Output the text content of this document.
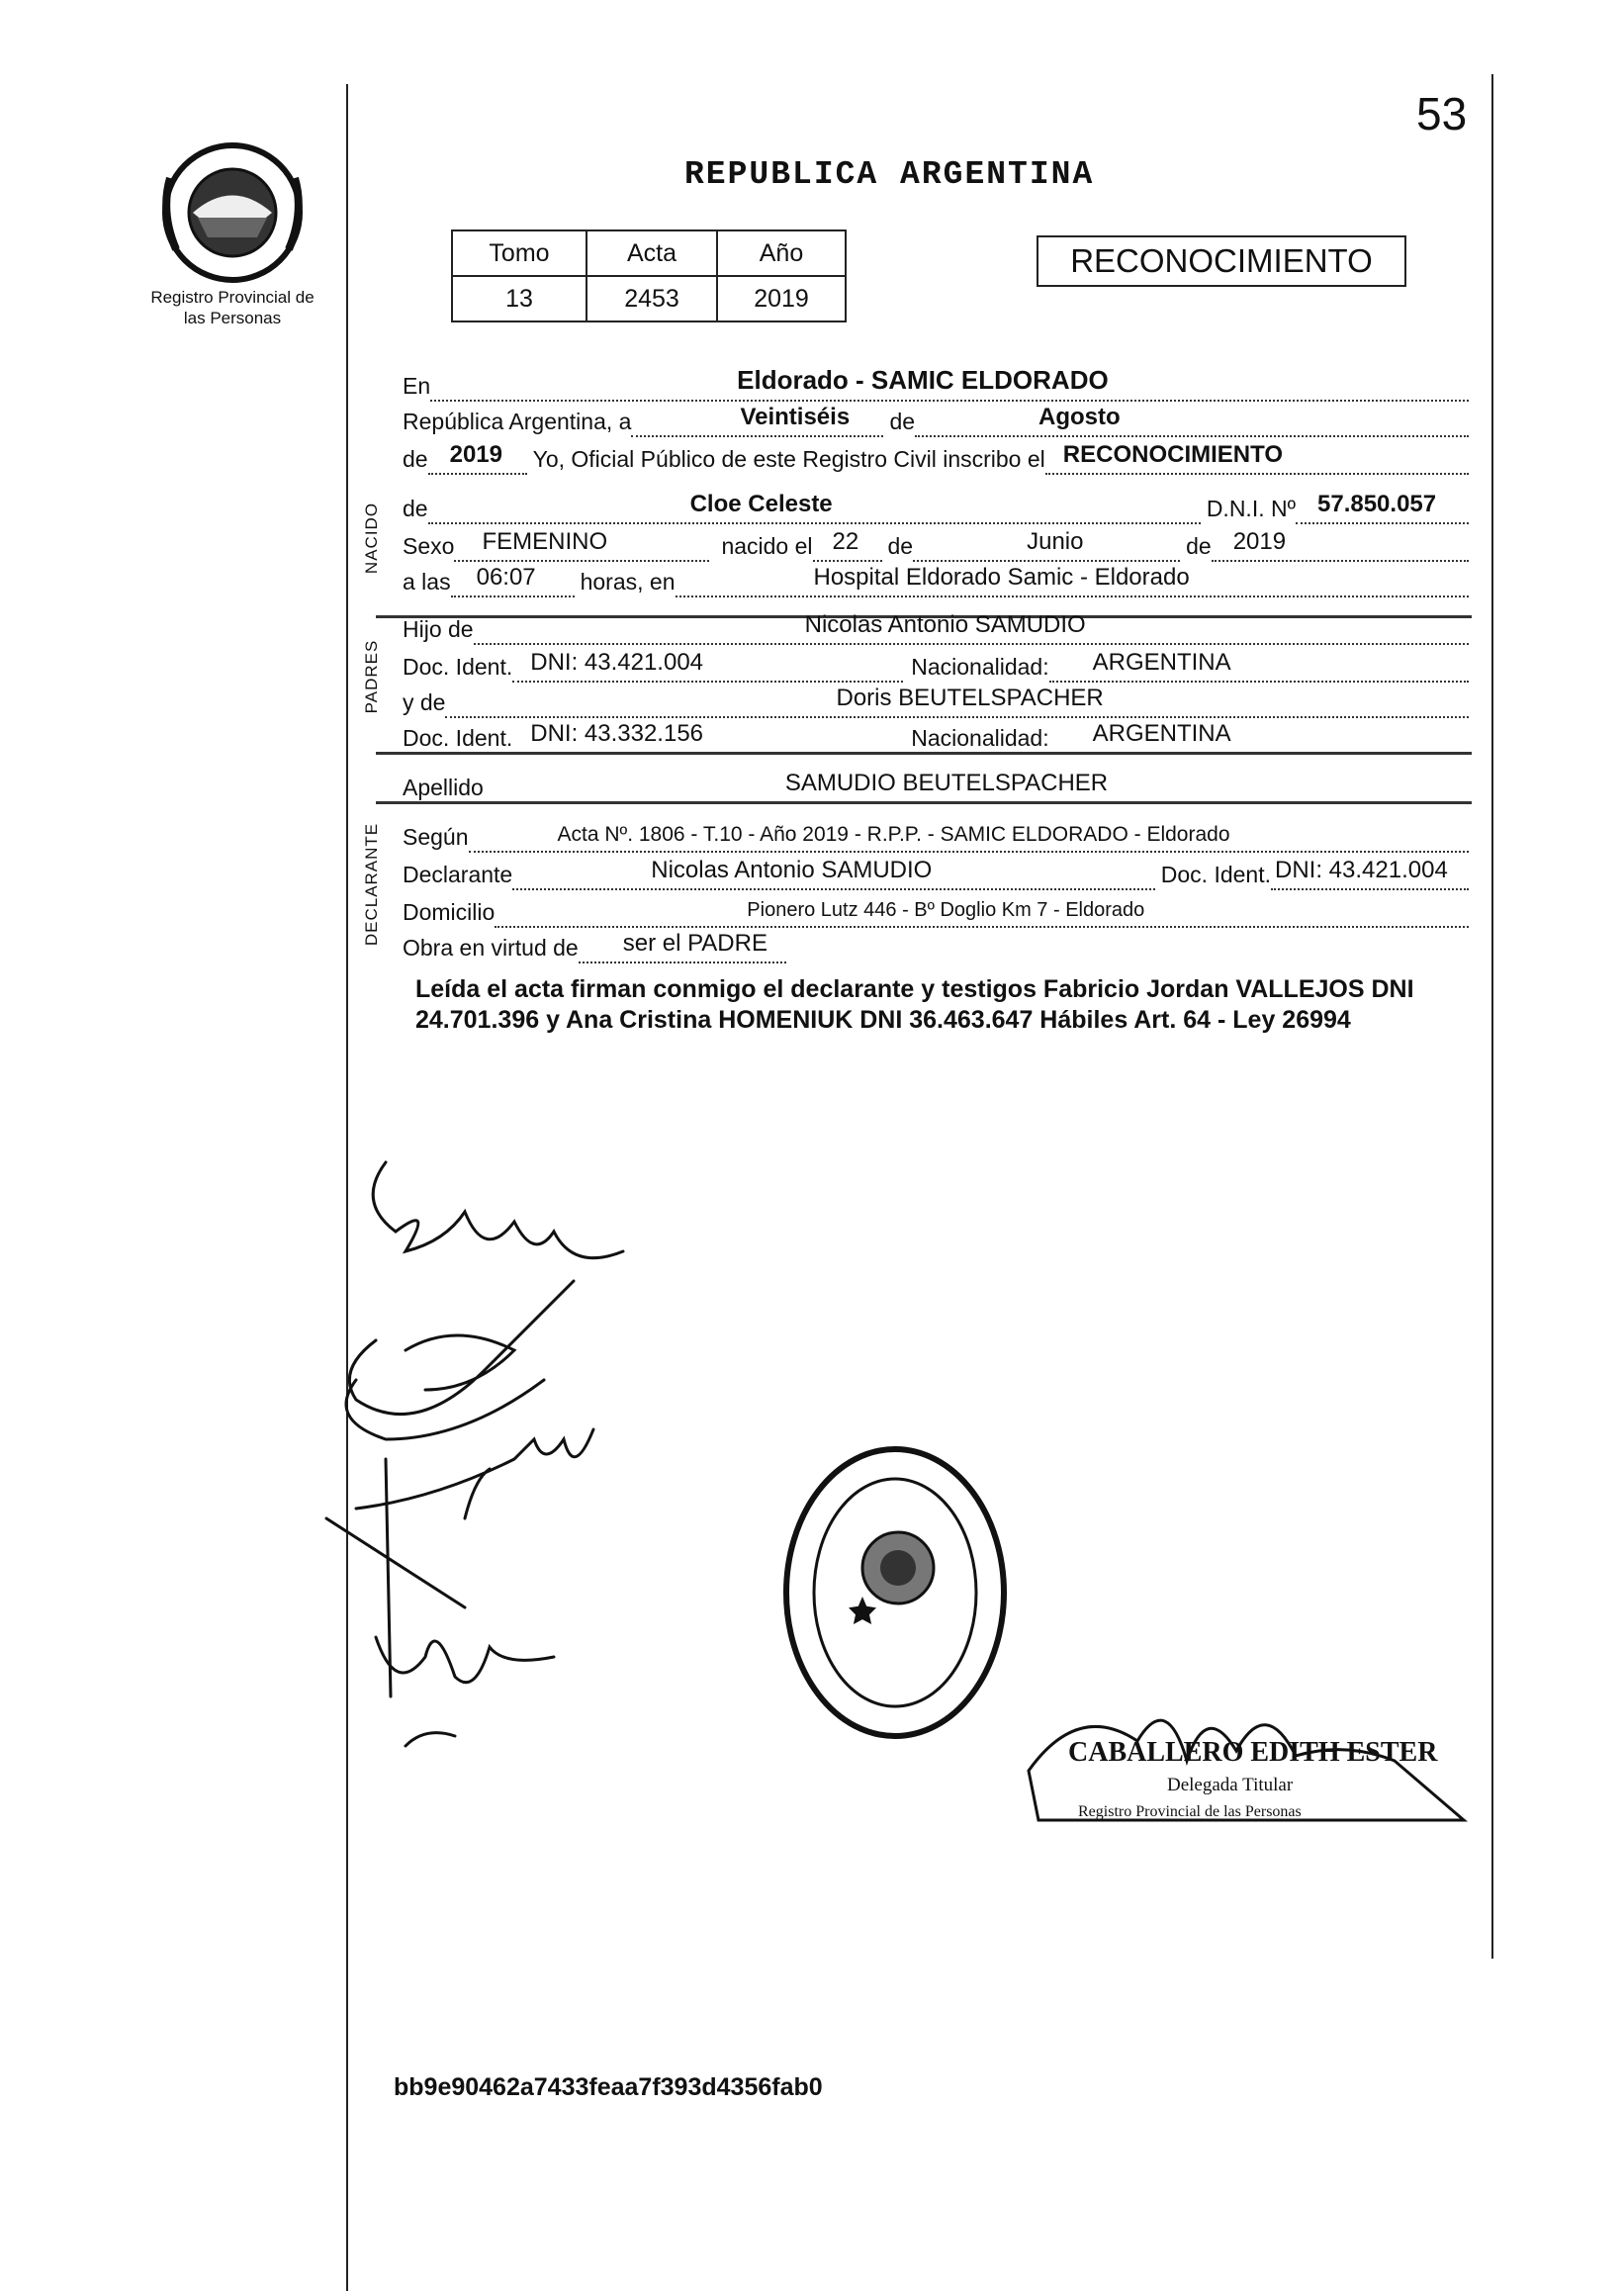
53
Registro Provincial de las Personas
REPUBLICA ARGENTINA
Tomo	Acta	Año
13	2453	2019
RECONOCIMIENTO
NACIDO
PADRES
DECLARANTE
En	Eldorado - SAMIC ELDORADO
República Argentina, a	Veintiséis de	Agosto
de 2019 Yo, Oficial Público de este Registro Civil inscribo el RECONOCIMIENTO
de	Cloe Celeste	D.N.I. Nº 57.850.057
Sexo FEMENINO	nacido el 22 de	Junio	de 2019
a las 06:07 horas, en	Hospital Eldorado Samic - Eldorado
Hijo de	Nicolas Antonio SAMUDIO
Doc. Ident. DNI: 43.421.004	Nacionalidad: ARGENTINA
y de	Doris BEUTELSPACHER
Doc. Ident. DNI: 43.332.156	Nacionalidad: ARGENTINA
Apellido	SAMUDIO BEUTELSPACHER
Según	Acta Nº. 1806 - T.10 - Año 2019 - R.P.P. - SAMIC ELDORADO - Eldorado
Declarante	Nicolas Antonio SAMUDIO	Doc. Ident. DNI: 43.421.004
Domicilio	Pionero Lutz 446 - Bº Doglio Km 7 - Eldorado
Obra en virtud de ser el PADRE
Leída el acta firman conmigo el declarante y testigos Fabricio Jordan VALLEJOS DNI 24.701.396 y Ana Cristina HOMENIUK DNI 36.463.647 Hábiles Art. 64 - Ley 26994
CABALLERO EDITH ESTER
Delegada Titular
Registro Provincial de las Personas
bb9e90462a7433feaa7f393d4356fab0
